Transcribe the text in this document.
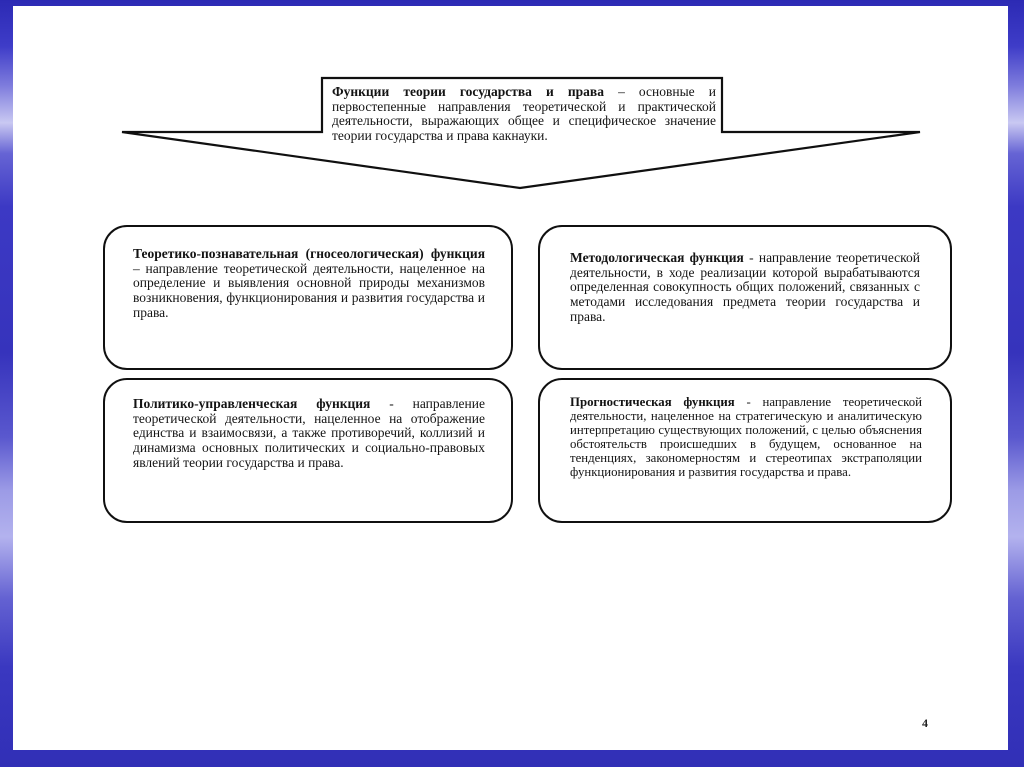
Функции теории государства и права – основные и первостепенные направления теоретической и практической деятельности, выражающих общее и специфическое значение теории государства и права какнауки.

Теоретико-познавательная (гносеологическая) функция – направление теоретической деятельности, нацеленное на определение и выявления основной природы механизмов возникновения, функционирования и развития государства и права.

Методологическая функция - направление теоретической деятельности, в ходе реализации которой вырабатываются определенная совокупность общих положений, связанных с методами исследования предмета теории государства и права.

Политико-управленческая функция - направление теоретической деятельности, нацеленное на отображение единства и взаимосвязи, а также противоречий, коллизий и динамизма основных политических и социально-правовых явлений теории государства и права.

Прогностическая функция - направление теоретической деятельности, нацеленное на стратегическую и аналитическую интерпретацию существующих положений, с целью объяснения обстоятельств происшедших в будущем, основанное на тенденциях, закономерностям и стереотипах экстраполяции функционирования и развития государства и права.

4
